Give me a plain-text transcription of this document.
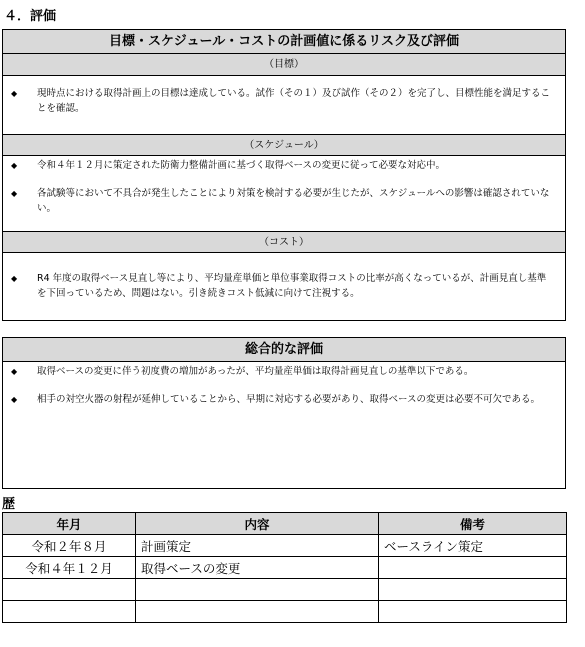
４．評価
目標・スケジュール・コストの計画値に係るリスク及び評価
（目標）
◆ 現時点における取得計画上の目標は達成している。試作（その１）及び試作（その２）を完了し、目標性能を満足することを確認。
（スケジュール）
◆ 令和４年１２月に策定された防衛力整備計画に基づく取得ベースの変更に従って必要な対応中。
◆ 各試験等において不具合が発生したことにより対策を検討する必要が生じたが、スケジュールへの影響は確認されていない。
（コスト）
◆ R4 年度の取得ベース見直し等により、平均量産単価と単位事業取得コストの比率が高くなっているが、計画見直し基準を下回っているため、問題はない。引き続きコスト低減に向けて注視する。
総合的な評価
◆ 取得ベースの変更に伴う初度費の増加があったが、平均量産単価は取得計画見直しの基準以下である。
◆ 相手の対空火器の射程が延伸していることから、早期に対応する必要があり、取得ベースの変更は必要不可欠である。
歴
年月	内容	備考
令和２年８月	計画策定	ベースライン策定
令和４年１２月	取得ベースの変更	
